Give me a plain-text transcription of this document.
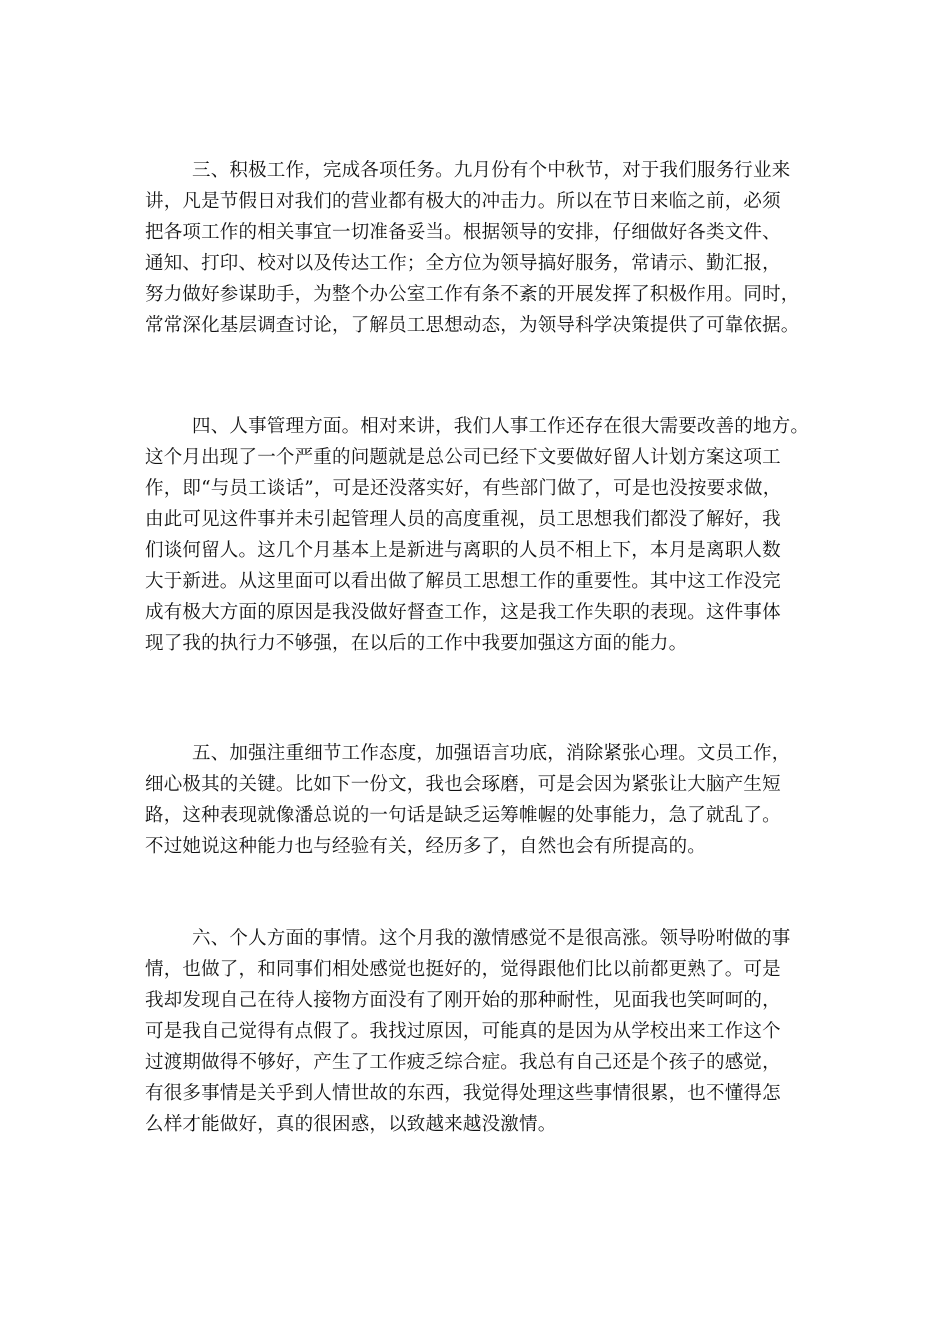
三、积极工作，完成各项任务。九月份有个中秋节，对于我们服务行业来
讲，凡是节假日对我们的营业都有极大的冲击力。所以在节日来临之前，必须
把各项工作的相关事宜一切准备妥当。根据领导的安排，仔细做好各类文件、
通知、打印、校对以及传达工作；全方位为领导搞好服务，常请示、勤汇报，
努力做好参谋助手，为整个办公室工作有条不紊的开展发挥了积极作用。同时，
常常深化基层调查讨论，了解员工思想动态，为领导科学决策提供了可靠依据。
四、人事管理方面。相对来讲，我们人事工作还存在很大需要改善的地方。
这个月出现了一个严重的问题就是总公司已经下文要做好留人计划方案这项工
作，即“与员工谈话”，可是还没落实好，有些部门做了，可是也没按要求做，
由此可见这件事并未引起管理人员的高度重视，员工思想我们都没了解好，我
们谈何留人。这几个月基本上是新进与离职的人员不相上下，本月是离职人数
大于新进。从这里面可以看出做了解员工思想工作的重要性。其中这工作没完
成有极大方面的原因是我没做好督查工作，这是我工作失职的表现。这件事体
现了我的执行力不够强，在以后的工作中我要加强这方面的能力。
五、加强注重细节工作态度，加强语言功底，消除紧张心理。文员工作，
细心极其的关键。比如下一份文，我也会琢磨，可是会因为紧张让大脑产生短
路，这种表现就像潘总说的一句话是缺乏运筹帷幄的处事能力，急了就乱了。
不过她说这种能力也与经验有关，经历多了，自然也会有所提高的。
六、个人方面的事情。这个月我的激情感觉不是很高涨。领导吩咐做的事
情，也做了，和同事们相处感觉也挺好的，觉得跟他们比以前都更熟了。可是
我却发现自己在待人接物方面没有了刚开始的那种耐性，见面我也笑呵呵的，
可是我自己觉得有点假了。我找过原因，可能真的是因为从学校出来工作这个
过渡期做得不够好，产生了工作疲乏综合症。我总有自己还是个孩子的感觉，
有很多事情是关乎到人情世故的东西，我觉得处理这些事情很累，也不懂得怎
么样才能做好，真的很困惑，以致越来越没激情。
